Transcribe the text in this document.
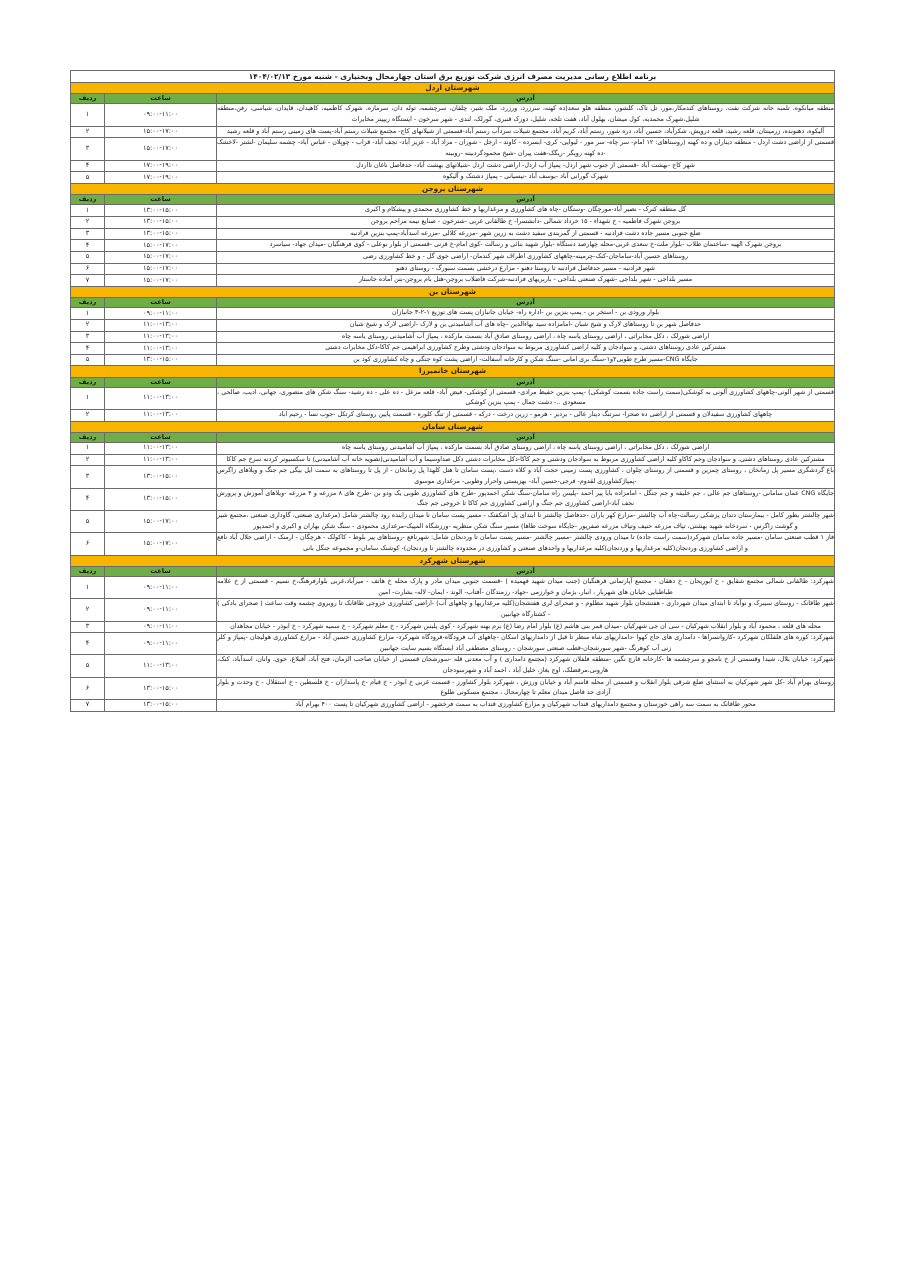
برنامه اطلاع رسانی مدیریت مصرف انرژی شرکت توزیع برق استان چهارمحال وبختیاری - شنبه مورخ ۱۴۰۴/۰۲/۱۳		
شهرستان اردل		
آدرس	ساعت	ردیف
منطقه میانکوه، تلمبه خانه شرکت نفت، روستاهای کندمکار،مور، تل تاک، کلشور، منطقه هلو سعد(ده کهنه، سرزرد، ورزرد، ملک شیر، چلقان، سرچشمه، توله دان، سرمازه، شهرک کاظمیه، کاهیدان، قایدان، شیاسی، رفن،منطقه شلیل،شهرک محمدیه، کول میشان، بهلول آباد، هفت تلخه، شلیل، دورک قنبری، گورلک، لندی - شهر سرخون - ایستگاه ریپیتر مخابرات	۰۹:۰۰-۱۱:۰۰	۱
آلیکوه، دهنونده، زرمینتان، قلعه رشید، قلعه درویش، شکرآباد، حسین آباد، دره شور، رستم آباد، کریم آباد، مجتمع شیلات سردآب رستم آباد-قسمتی از شیلاتهای کاج- مجتمع شیلات رستم آباد-پست های زمینی رستم آباد و قلعه رشید	۱۵:۰۰-۱۷:۰۰	۲
قسمتی از اراضی دشت اردل - منطقه دیناران و ده کهنه (روستاهای: ۱۲ امام- سر چاه- سر مور - لیوایی- کری- ابسرده - کاوند - ارجل - شوران - مراد آباد - عزیز آباد- نجف آباد- قراب - چوپلان - عباس آباد- چشمه سلیمان -لشتر -لاخشک -ده کهنه رویگر -ریگک-هفت پیران -شیخ محمودگردبینه -روبینه	۱۵:۰۰-۱۷:۰۰	۳
شهر کاج -بهشت آباد -قسمتی از جنوب شهر اردل- پمپاژ آب اردل- اراضی دشت اردل -شیلاتهای بهشت آباد- حدفاصل ناغان تااردل	۱۷:۰۰-۱۹:۰۰	۴
شهرک گورانی آباد -یوسف آباد -نیسیانی - پمپاژ دشتنک و آلیکوه	۱۷:۰۰-۱۹:۰۰	۵
شهرستان بروجن		
آدرس	ساعت	ردیف
گل منطقه کنرک - نصیر آباد-مورچگان -وستگان -چاه های کشاورزی و مرغداریها و خط کشاورزی محمدی و پیشکام و اکبری	۱۳:۰۰-۱۵:۰۰	۱
بروجن شهرک فاطمیه - خ شهداء - ۱۵ خرداد شمالی -دانشسرا- خ طالقانی غربی -شترخون - صنایع نیمه مزاحم بروجن	۱۳:۰۰-۱۵:۰۰	۲
ضلع جنوبی مسیر جاده دشت فرادنبه - قسمتی از گمربندی سفید دشت به زرین شهر -مزرعه کلالی -مزرعه اسدآباد-پمپ بنزین فرادنبه	۱۳:۰۰-۱۵:۰۰	۳
بروجن شهرک الهیه -ساختمان طلاب -بلوار ملت-خ سعدی غربی-محله چهارصد دستگاه -بلوار شهید بنائی و رسالت -کوی امام-خ قرنی -قسمتی از بلوار بوعلی - کوی فرهنگیان -میدان جهاد- سیاسرد	۱۵:۰۰-۱۷:۰۰	۴
روستاهای حسین آباد-ساماجان-کنک-چرمینه-چاههای کشاورزی اطراف شهر کندمان- اراضی جوی گل - و خط کشاورزی رضی	۱۵:۰۰-۱۷:۰۰	۵
شهر فرادنبه - مسیر حدفاصل فرادنبه تا روستا دهنو - مزارع درخشی بسمت سبورگ - روستای دهنو	۱۵:۰۰-۱۷:۰۰	۶
مسیر بلداجی - شهر بلداجی -شهرک صنعتی بلداجی - باربریهای فرادنبه-شرکت فاضلاب بروجن-هتل بام بروجن-بتن آماده خاستار	۱۵:۰۰-۱۷:۰۰	۷
شهرستان بن		
آدرس	ساعت	ردیف
بلوار ورودی بن - استخر بن - پمپ بنزین بن -اداره راه- خیابان جانبازان پست های توزیع ۱-۲-۳ جانبازان	۰۹:۰۰-۱۱:۰۰	۱
حدفاصل شهر بن تا روستاهای لارک و شیخ شبان -امامزاده سید بهاءالدین -چاه های آب آشامیدنی بن و لارک -اراضی لارک و شیخ شبان	۱۱:۰۰-۱۳:۰۰	۲
اراضی شورلک ، دکل مخابراتی ، اراضی روستای یاسه چاه ، اراضی روستای صادق آباد بسمت مارکده ، پمپاژ آب آشامیدنی روستای یاسه چاه	۱۱:۰۰-۱۳:۰۰	۳
مشترکین عادی روستاهای دشتی، و سوادجان و کلیه اراضی کشاورزی مربوط به سوادجان ودشتی وطرح کشاورزی ابراهیمی جم کاکا-دکل مخابرات دشتی	۱۱:۰۰-۱۳:۰۰	۴
جایگاه CNG-مسیر طرح طوبی۲و۱-سنگ بری امانی -سنگ شکن و کارخانه آسفالت- اراضی پشت کوه جنگی و چاه کشاورزی کود بن	۱۳:۰۰-۱۵:۰۰	۵
شهرستان خانمیرزا		
آدرس	ساعت	ردیف
قسمتی از شهر آلونی-چاههای کشاورزی آلونی به کوشکی(سمت راست جاده بسمت کوشکی) -پمپ بنزین حفیظ مرادی- قسمتی از کوشکی- فیض آباد- قلعه مزعل - ده علی - ده رشید- سنگ شکن های منصوری، جهانی، ادیب، صالحی ، مسعودی ..- دشت جمال - پمپ بنزین کوشکی	۱۱:۰۰-۱۳:۰۰	۱
چاههای کشاورزی سفیدلان و قسمتی از اراضی ده صحرا- سرتنگ دینار عالی - بردبر - هرمو - زرین درخت - درکه - قسمتی از تنگ کلوره - قسمت پایین روستای کرتکل -جوب نسا - رحیم اباد	۱۱:۰۰-۱۳:۰۰	۲
شهرستان سامان		
آدرس	ساعت	ردیف
اراضی شورلک ، دکل مخابراتی ، اراضی روستای یاسه چاه ، اراضی روستای صادق آباد بسمت مارکده ، پمپاژ آب آشامیدنی روستای یاسه چاه	۱۱:۰۰-۱۳:۰۰	۱
مشترکین عادی روستاهای دشتی، و سوادجان وجم کاکاو کلیه اراضی کشاورزی مربوط به سوادجان ودشتی و جم کاکا-دکل مخابرات دشتی دکل صداوسیما و آب آشامیدنی(تصویه خانه آب آشامیدنی) تا سکسیونر کردنه سرخ جم کاکا	۱۱:۰۰-۱۳:۰۰	۲
باغ گردشگری مسیر پل زمانخان ، روستای چمزین و قسمتی از روستای چلوان ، کشاورزی پست زمینی حجت آباد و کلاه دست ،پست سامان تا هتل کلهذا پل زمانخان - از پل تا روستاهای به سمت ایل بیگی جم جنگ و ویلاهای زاگرس -پمپاژکشاورزی لقدوم- فرجی-حسین آباد- بهزیستی واحرار وطوبی- مرغداری موسوی	۱۳:۰۰-۱۵:۰۰	۳
جایگاه CNG عمان سامانی -روستاهای جم عالی ، جم خلیفه و جم جنگل - امامزاده بابا پیر احمد -پلیس راه سامان-سنگ شکن احمدپور -طرح های کشاورزی طوبی یک ودو بن -طرح های ۸ مزرعه و ۴ مزرعه -ویلاهای آموزش و پرورش نجف آباد-اراضی کشاورزی جم جنگ و اراضی کشاورزی جم کاکا تا خروجی جم جنگ	۱۳:۰۰-۱۵:۰۰	۴
شهر چالشتر بطور کامل - بیمارستان دندان پزشکی رسالت-چاه آب چالشتر -مزارع کهر باران -حدفاصل چالشتر تا ابتدای پل اشکفتک - مسیر پست سامان تا میدان زاینده رود چالشتر شامل (مرغداری صنعتی، گاوداری صنعتی ،مجتمع شیر و گوشت زاگرس - سردخانه شهید بهشتی، تپاف مزرعه حنیف وتپاف مزرعه صفرپور -جایگاه سوخت طاها) مسیر سنگ شکن منظریه -ورزشگاه المپیک-مرغداری محمودی - سنگ شکن بهاران و اکبری و احمدپور	۱۵:۰۰-۱۷:۰۰	۵
فاز ۱ قطب صنعتی سامان -مسیر جاده سامان شهرکرد(سمت راست جاده) تا میدان ورودی چالشتر -مسیر چالشتر -مسیر پست سامان تا وردنجان شامل: شهرنافع -روستاهای پیر بلوط - کاکولک - هرچگان - ارمنک - اراضی جلال آباد نافع و اراضی کشاورزی وردنجان(کلیه مرغداریها و وردنجان)کلیه مرغداریها و واحدهای صنعتی و کشاورزی در محدوده چالشتر تا وردنجان)- کوشنک سامان-و مجموعه جنگل بانی	۱۵:۰۰-۱۷:۰۰	۶
شهرستان شهرکرد		
آدرس	ساعت	ردیف
شهرکرد: طالقانی شمالی مجتمع شقایق - خ ابوریحان - خ دهقان - مجتمع آپارتمانی فرهنگیان (جنب میدان شهید فهمیده ) -قسمت جنوبی میدان مادر و پارک محله خ هاتف - میرآباد،غربی بلوارفرهنگ،خ نسیم - قسمتی از خ علامه طباطبایی خیابان های شهربار ، انبار، بژمان و خوارزمی -جهاد- رزمندگان -آفتاب- الوند - ایمان- لاله- بشارت- امین	۰۹:۰۰-۱۱:۰۰	۱
شهر طاقانک - روستای سیبرک و نوآباد تا ابتدای میدان شهرداری - هفتشجان بلوار شهید مظلوم - و صحرای لری هفتشجان(کلیه مرغداریها و چاههای آب) -اراضی کشاورزی خروجی طاقانک تا روبروی چشمه وقت ساعت ( صحرای بادکی ) - کشتارگاه جهانبین	۰۹:۰۰-۱۱:۰۰	۲
محله های قلعه ، محمود آباد و بلوار انقلاب شهرکیان - سی ان جی شهرکیان -میدان قمر بنی هاشم (ع) بلوار امام رضا (ع) برم بهنه شهرکرد - کوی پلیس شهرکرد - خ معلم شهرکرد - خ سمیه شهرکرد - خ ابوذر - خیابان مجاهدان	۰۹:۰۰-۱۱:۰۰	۳
شهرکرد: کوره های فلفلکان شهرکرد -کاروانسراها - دامداری های حاج کهوا -دامداریهای شاه منظر تا قبل از دامداریهای اسکان -چاههای آب فرودگاه-فرودگاه شهرکرد- مزارع کشاورزی حسین آباد - مزارع کشاورزی هولیجان -پمپاژ و کلر زنی آب کوهرنگ -شهر سورشجان-قطب صنعتی سورشجان - روستای مصطفی آباد ایستگاه بسیم سایت جهانبین	۰۹:۰۰-۱۱:۰۰	۴
شهرکرد: خیابان بلال، شیدا وقسمتی از خ نامجو و سرچشمه ها -کارخانه قارچ نگین -منطقه فلفلان شهرکرد (مجتمع دامداری ) و آب معدنی قله -سورشجان قسمتی از خیابان صاحب الزمان، فتح آباد، آقبلاغ، خوی، وانان، اسدآباد، کنک، هارونی،مرفضلک، اوج بغاز، خلیل آباد ، احمد آباد و شهرسودجان	۱۱:۰۰-۱۳:۰۰	۵
روستای بهرام آباد -کل شهر شهرکیان به استثنای ضلع شرقی بلوار انقلاب و قسمتی از محله قاسم آباد و خیابان ورزش ، شهرکرد بلوار کشاورز - قسمت غربی خ ابوذر - خ قیام -خ پاسداران - خ فلسطین - خ استقلال - خ وحدت و بلوار آزادی حد فاصل میدان معلم تا چهارمحال ، مجتمع مسکونی طلوع	۱۳:۰۰-۱۵:۰۰	۶
محور طاقانک به سمت سه راهی خوزستان و مجتمع دامداریهای قنداب شهرکیان و مزارع کشاورزی قنداب به سمت فرخشهر - اراضی کشاورزی شهرکیان تا پست ۴۰۰ بهرام آباد	۱۳:۰۰-۱۵:۰۰	۷
